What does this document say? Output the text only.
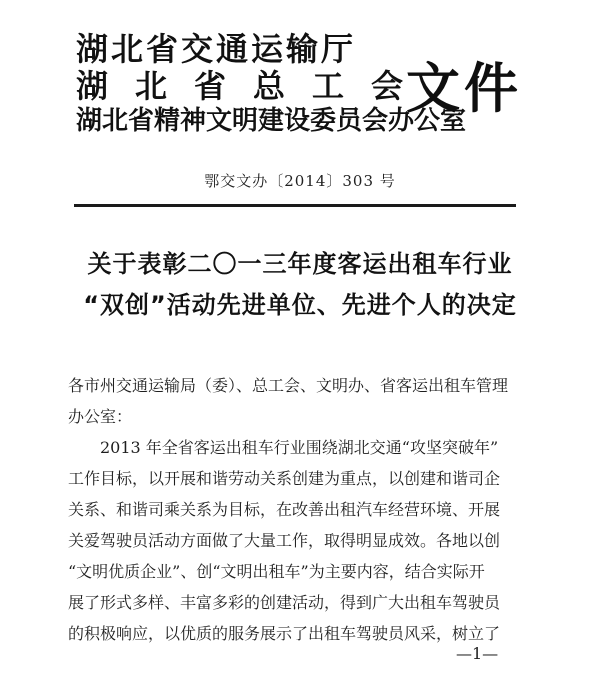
湖北省交通运输厅
湖北省总工会
湖北省精神文明建设委员会办公室
文件
鄂交文办〔2014〕303 号
关于表彰二〇一三年度客运出租车行业
“双创”活动先进单位、先进个人的决定
各市州交通运输局（委）、总工会、文明办、省客运出租车管理
办公室：
2013 年全省客运出租车行业围绕湖北交通“攻坚突破年”
工作目标，以开展和谐劳动关系创建为重点，以创建和谐司企
关系、和谐司乘关系为目标，在改善出租汽车经营环境、开展
关爱驾驶员活动方面做了大量工作，取得明显成效。各地以创
“文明优质企业”、创“文明出租车”为主要内容，结合实际开
展了形式多样、丰富多彩的创建活动，得到广大出租车驾驶员
的积极响应，以优质的服务展示了出租车驾驶员风采，树立了
—1—
